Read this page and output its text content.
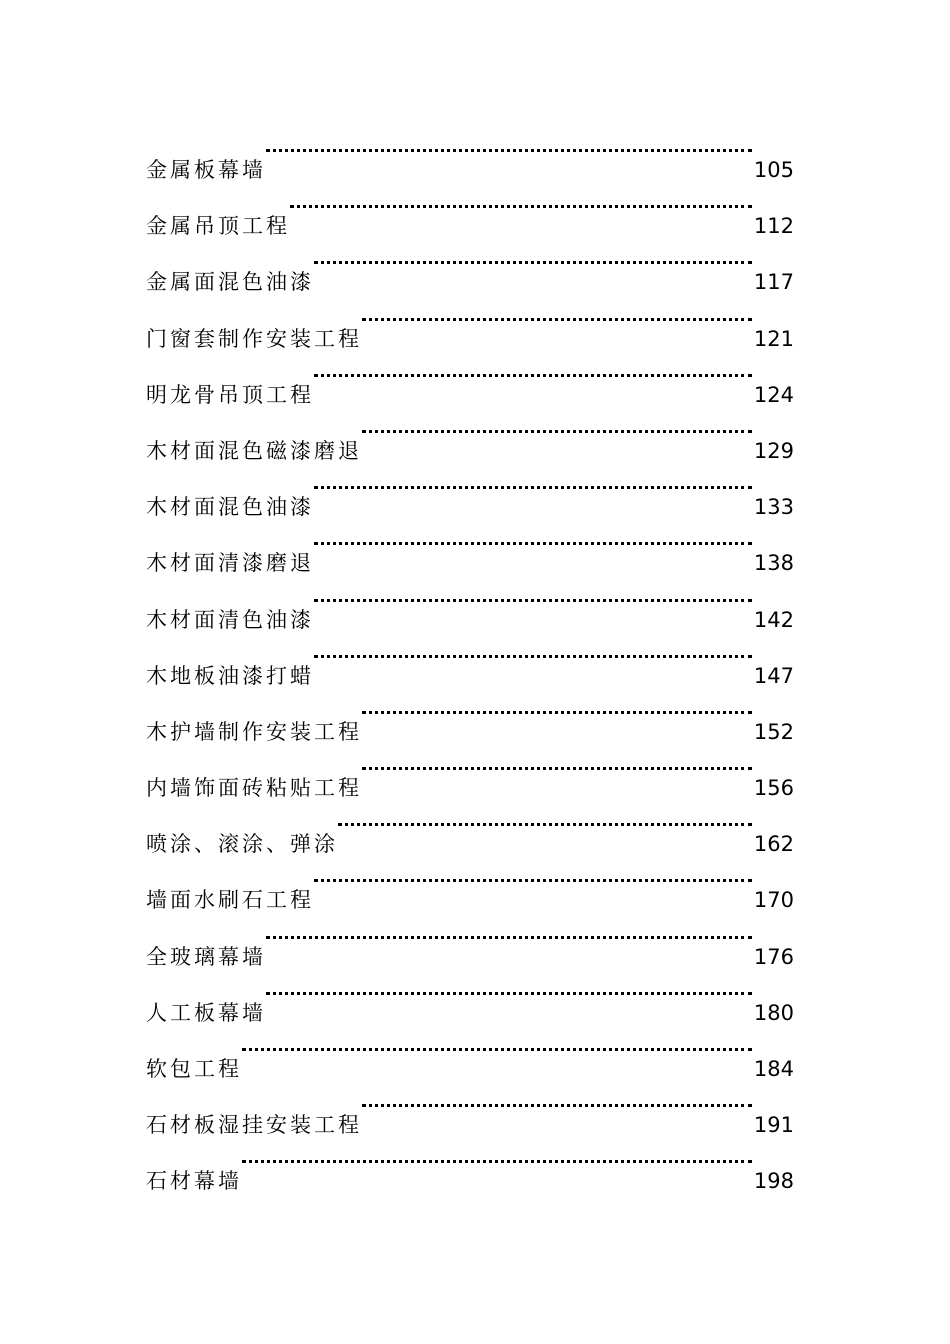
金属板幕墙	105
金属吊顶工程	112
金属面混色油漆	117
门窗套制作安装工程	121
明龙骨吊顶工程	124
木材面混色磁漆磨退	129
木材面混色油漆	133
木材面清漆磨退	138
木材面清色油漆	142
木地板油漆打蜡	147
木护墙制作安装工程	152
内墙饰面砖粘贴工程	156
喷涂、滚涂、弹涂	162
墙面水刷石工程	170
全玻璃幕墙	176
人工板幕墙	180
软包工程	184
石材板湿挂安装工程	191
石材幕墙	198
